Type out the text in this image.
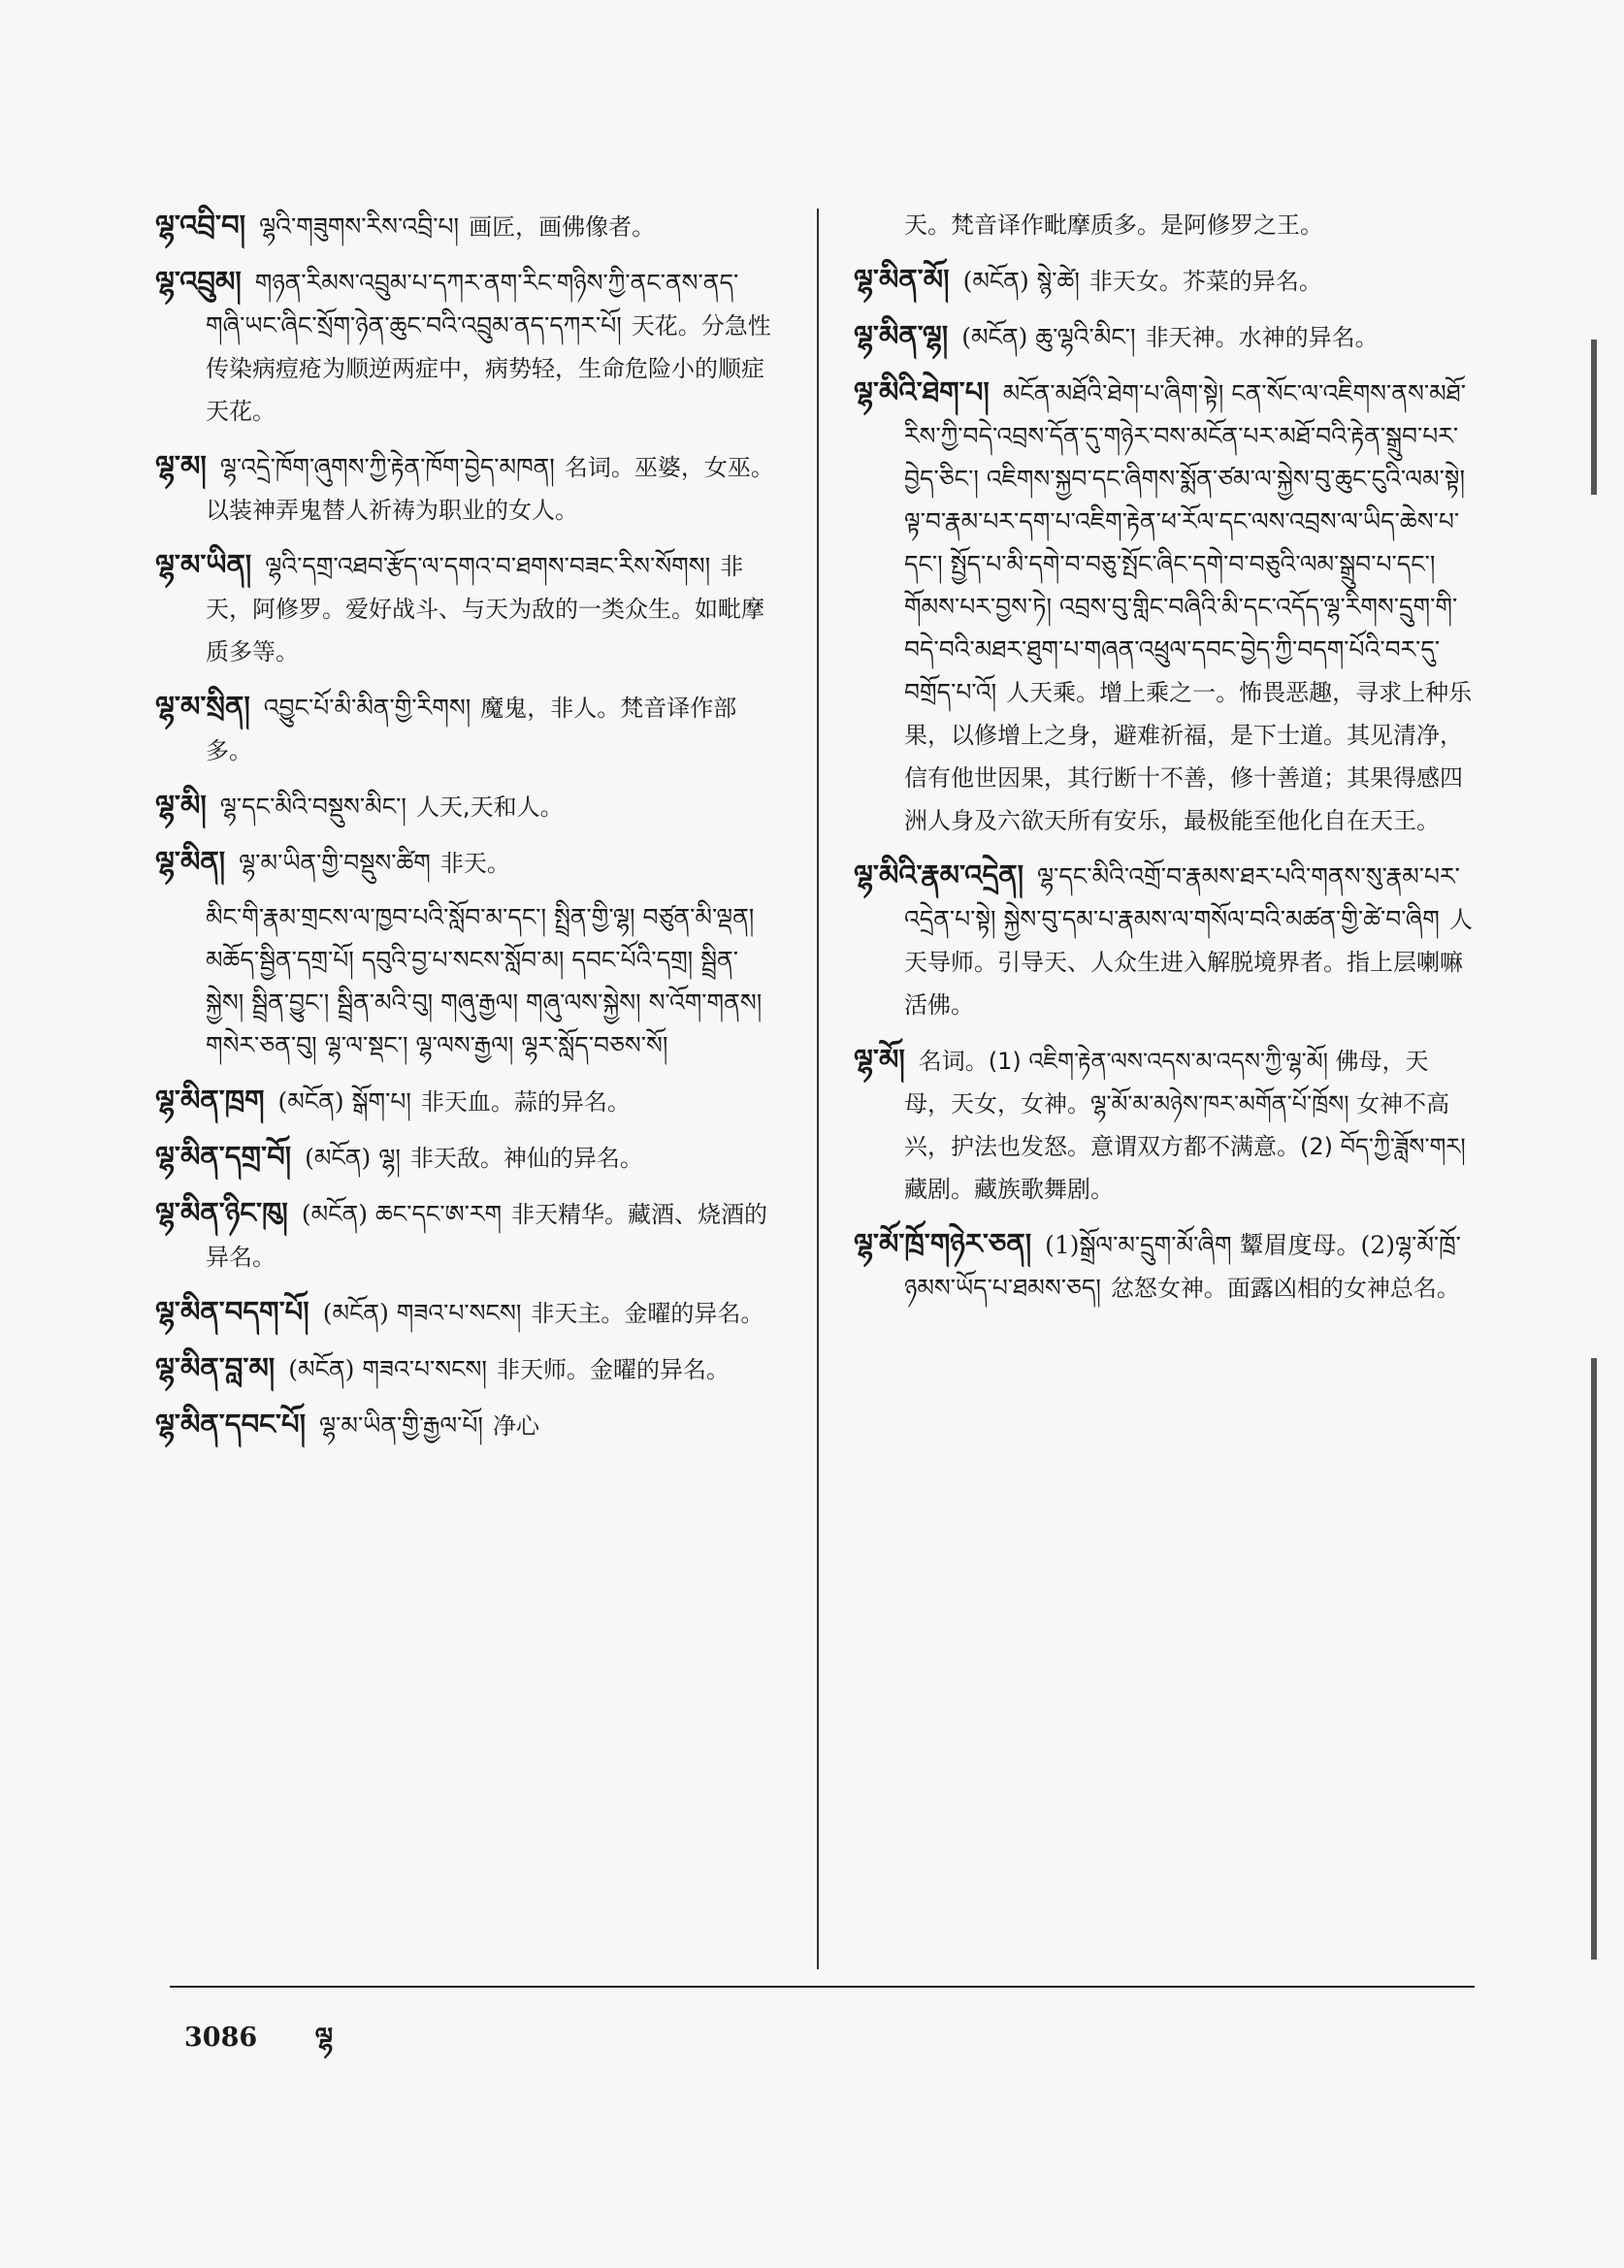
ལྷ་འབྲི་བ། ལྷའི་གཟུགས་རིས་འབྲི་པ། 画匠，画佛像者。

ལྷ་འབྲུམ། གཉན་རིམས་འབྲུམ་པ་དཀར་ནག་རིང་གཉིས་ཀྱི་ནང་ནས་ནད་གཞི་ཡང་ཞིང་སྲོག་ཉེན་ཆུང་བའི་འབྲུམ་ནད་དཀར་པོ། 天花。分急性传染病痘疮为顺逆两症中，病势轻，生命危险小的顺症天花。

ལྷ་མ། ལྷ་འདྲེ་ཁོག་ཞུགས་ཀྱི་རྟེན་ཁོག་བྱེད་མཁན། 名词。巫婆，女巫。以装神弄鬼替人祈祷为职业的女人。

ལྷ་མ་ཡིན། ལྷའི་དགྲ་འཐབ་རྩོད་ལ་དགའ་བ་ཐགས་བཟང་རིས་སོགས། 非天，阿修罗。爱好战斗、与天为敌的一类众生。如毗摩质多等。

ལྷ་མ་སྲིན། འབྱུང་པོ་མི་མིན་གྱི་རིགས། 魔鬼，非人。梵音译作部多。

ལྷ་མི། ལྷ་དང་མིའི་བསྡུས་མིང་། 人天,天和人。

ལྷ་མིན། ལྷ་མ་ཡིན་གྱི་བསྡུས་ཚིག 非天。

མིང་གི་རྣམ་གྲངས་ལ་ཁྱབ་པའི་སློབ་མ་དང་། སྤྲིན་གྱི་ལྷ། བཙུན་མི་ལྡན། མཆོད་སྦྱིན་དགྲ་པོ། དབུའི་བྱ་པ་སངས་སློབ་མ། དབང་པོའི་དགྲ། སྦྲིན་སྐྱེས། སྦྲིན་བྱུང་། སྦྲིན་མའི་བུ། གཞུ་རྒྱལ། གཞུ་ལས་སྐྱེས། ས་འོག་གནས། གསེར་ཅན་བུ། ལྷ་ལ་སྡང་། ལྷ་ལས་རྒྱལ། ལྷར་སློད་བཅས་སོ།

ལྷ་མིན་ཁྲག (མངོན) སྒོག་པ། 非天血。蒜的异名。

ལྷ་མིན་དགྲ་བོ། (མངོན) ལྷ། 非天敌。神仙的异名。

ལྷ་མིན་ཉིང་ཁུ། (མངོན) ཆང་དང་ཨ་རག 非天精华。藏酒、烧酒的异名。

ལྷ་མིན་བདག་པོ། (མངོན) གཟའ་པ་སངས། 非天主。金曜的异名。

ལྷ་མིན་བླ་མ། (མངོན) གཟའ་པ་སངས། 非天师。金曜的异名。

ལྷ་མིན་དབང་པོ། ལྷ་མ་ཡིན་གྱི་རྒྱལ་པོ། 净心

天。梵音译作毗摩质多。是阿修罗之王。

ལྷ་མིན་མོ། (མངོན) སྙེ་ཚེ། 非天女。芥菜的异名。

ལྷ་མིན་ལྷ། (མངོན) ཆུ་ལྷའི་མིང་། 非天神。水神的异名。

ལྷ་མིའི་ཐེག་པ། མངོན་མཐོའི་ཐེག་པ་ཞིག་སྟེ། ངན་སོང་ལ་འཇིགས་ནས་མཐོ་རིས་ཀྱི་བདེ་འབྲས་དོན་དུ་གཉེར་བས་མངོན་པར་མཐོ་བའི་རྟེན་སྒྲུབ་པར་བྱེད་ཅིང་། འཇིགས་སྐྱབ་དང་ཞིགས་སྨོན་ཙམ་ལ་སྐྱེས་བུ་ཆུང་ངུའི་ལམ་སྟེ། ལྟ་བ་རྣམ་པར་དག་པ་འཇིག་རྟེན་ཕ་རོལ་དང་ལས་འབྲས་ལ་ཡིད་ཆེས་པ་དང་། སྤྱོད་པ་མི་དགེ་བ་བཅུ་སྤོང་ཞིང་དགེ་བ་བཅུའི་ལམ་སྒྲུབ་པ་དང་། གོམས་པར་བྱས་ཏེ། འབྲས་བུ་གླིང་བཞིའི་མི་དང་འདོད་ལྷ་རིགས་དྲུག་གི་བདེ་བའི་མཐར་ཐུག་པ་གཞན་འཕྲུལ་དབང་བྱེད་ཀྱི་བདག་པོའི་བར་དུ་བགྲོད་པ་འོ། 人天乘。增上乘之一。怖畏恶趣，寻求上种乐果，以修增上之身，避难祈福，是下士道。其见清净，信有他世因果，其行断十不善，修十善道；其果得感四洲人身及六欲天所有安乐，最极能至他化自在天王。

ལྷ་མིའི་རྣམ་འདྲེན། ལྷ་དང་མིའི་འགྲོ་བ་རྣམས་ཐར་པའི་གནས་སུ་རྣམ་པར་འདྲེན་པ་སྟེ། སྐྱེས་བུ་དམ་པ་རྣམས་ལ་གསོལ་བའི་མཚན་གྱི་ཚེ་བ་ཞིག 人天导师。引导天、人众生进入解脱境界者。指上层喇嘛活佛。

ལྷ་མོ། 名词。(1) འཇིག་རྟེན་ལས་འདས་མ་འདས་ཀྱི་ལྷ་མོ། 佛母，天母，天女，女神。ལྷ་མོ་མ་མཉེས་ཁར་མགོན་པོ་ཁྲོས། 女神不高兴，护法也发怒。意谓双方都不满意。(2) བོད་ཀྱི་ཟློས་གར། 藏剧。藏族歌舞剧。

ལྷ་མོ་ཁྲོ་གཉེར་ཅན། (1)སྒྲོལ་མ་དྲུག་མོ་ཞིག 颦眉度母。(2)ལྷ་མོ་ཁྲོ་ཉམས་ཡོད་པ་ཐམས་ཅད། 忿怒女神。面露凶相的女神总名。

3086 ལྷ
